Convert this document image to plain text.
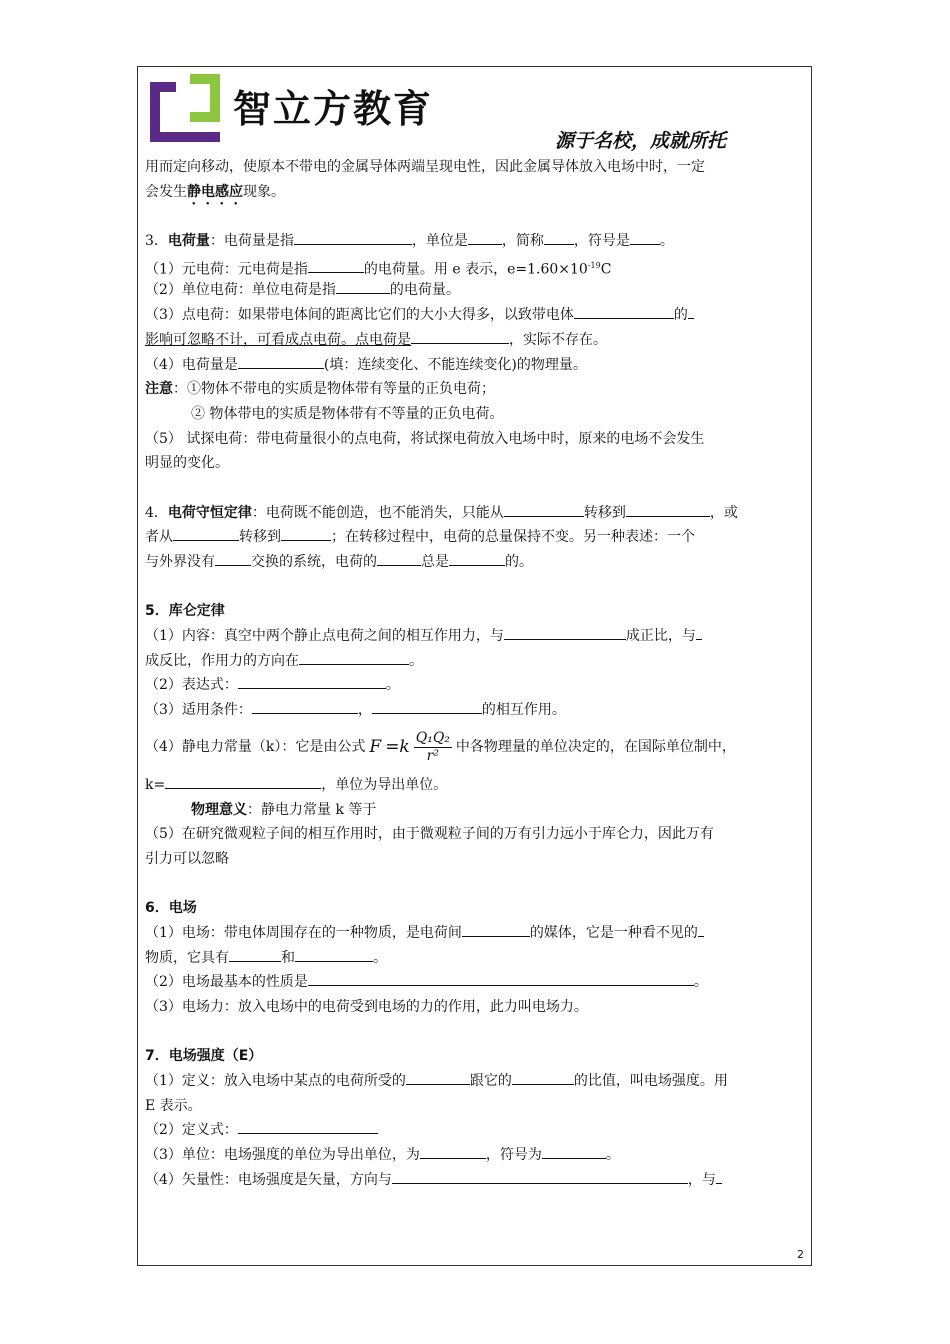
智立方教育
源于名校，成就所托
用而定向移动，使原本不带电的金属导体两端呈现电性，因此金属导体放入电场中时，一定
会发生静电感应现象。
3．电荷量：电荷量是指	，单位是 ，简称 ，符号是 。
（1）元电荷：元电荷是指	的电荷量。用 e 表示，$e=1.60\times 10^{-19}C$
（2）单位电荷：单位电荷是指	的电荷量。
（3）点电荷：如果带电体间的距离比它们的大小大得多，以致带电体	的
影响可忽略不计，可看成点电荷。点电荷是	，实际不存在。
（4）电荷量是	(填：连续变化、不能连续变化)的物理量。
注意：①物体不带电的实质是物体带有等量的正负电荷；
② 物体带电的实质是物体带有不等量的正负电荷。
（5） 试探电荷：带电荷量很小的点电荷，将试探电荷放入电场中时，原来的电场不会发生
明显的变化。
4．电荷守恒定律：电荷既不能创造，也不能消失，只能从	转移到	，或
者从	转移到	；在转移过程中，电荷的总量保持不变。另一种表述：一个
与外界没有	交换的系统，电荷的	总是	的。
5．库仑定律
（1）内容：真空中两个静止点电荷之间的相互作用力，与	成正比，与
成反比，作用力的方向在	。
（2）表达式：	。
（3）适用条件：	，	的相互作用。
（4）静电力常量（k）：它是由公式 $F =k \frac{\text{Q₁Q₂}}{\text{r²}}$ 中各物理量的单位决定的，在国际单位制中，
k=	，单位为导出单位。
物理意义：静电力常量 k 等于
（5）在研究微观粒子间的相互作用时，由于微观粒子间的万有引力远小于库仑力，因此万有
引力可以忽略
6．电场
（1）电场：带电体周围存在的一种物质，是电荷间	的媒体，它是一种看不见的
物质，它具有	和	。
（2）电场最基本的性质是	。
（3）电场力：放入电场中的电荷受到电场的力的作用，此力叫电场力。
7．电场强度（E）
（1）定义：放入电场中某点的电荷所受的	跟它的	的比值，叫电场强度。用
E 表示。
（2）定义式：
（3）单位：电场强度的单位为导出单位，为	，符号为	。
（4）矢量性：电场强度是矢量，方向与	，与
2
